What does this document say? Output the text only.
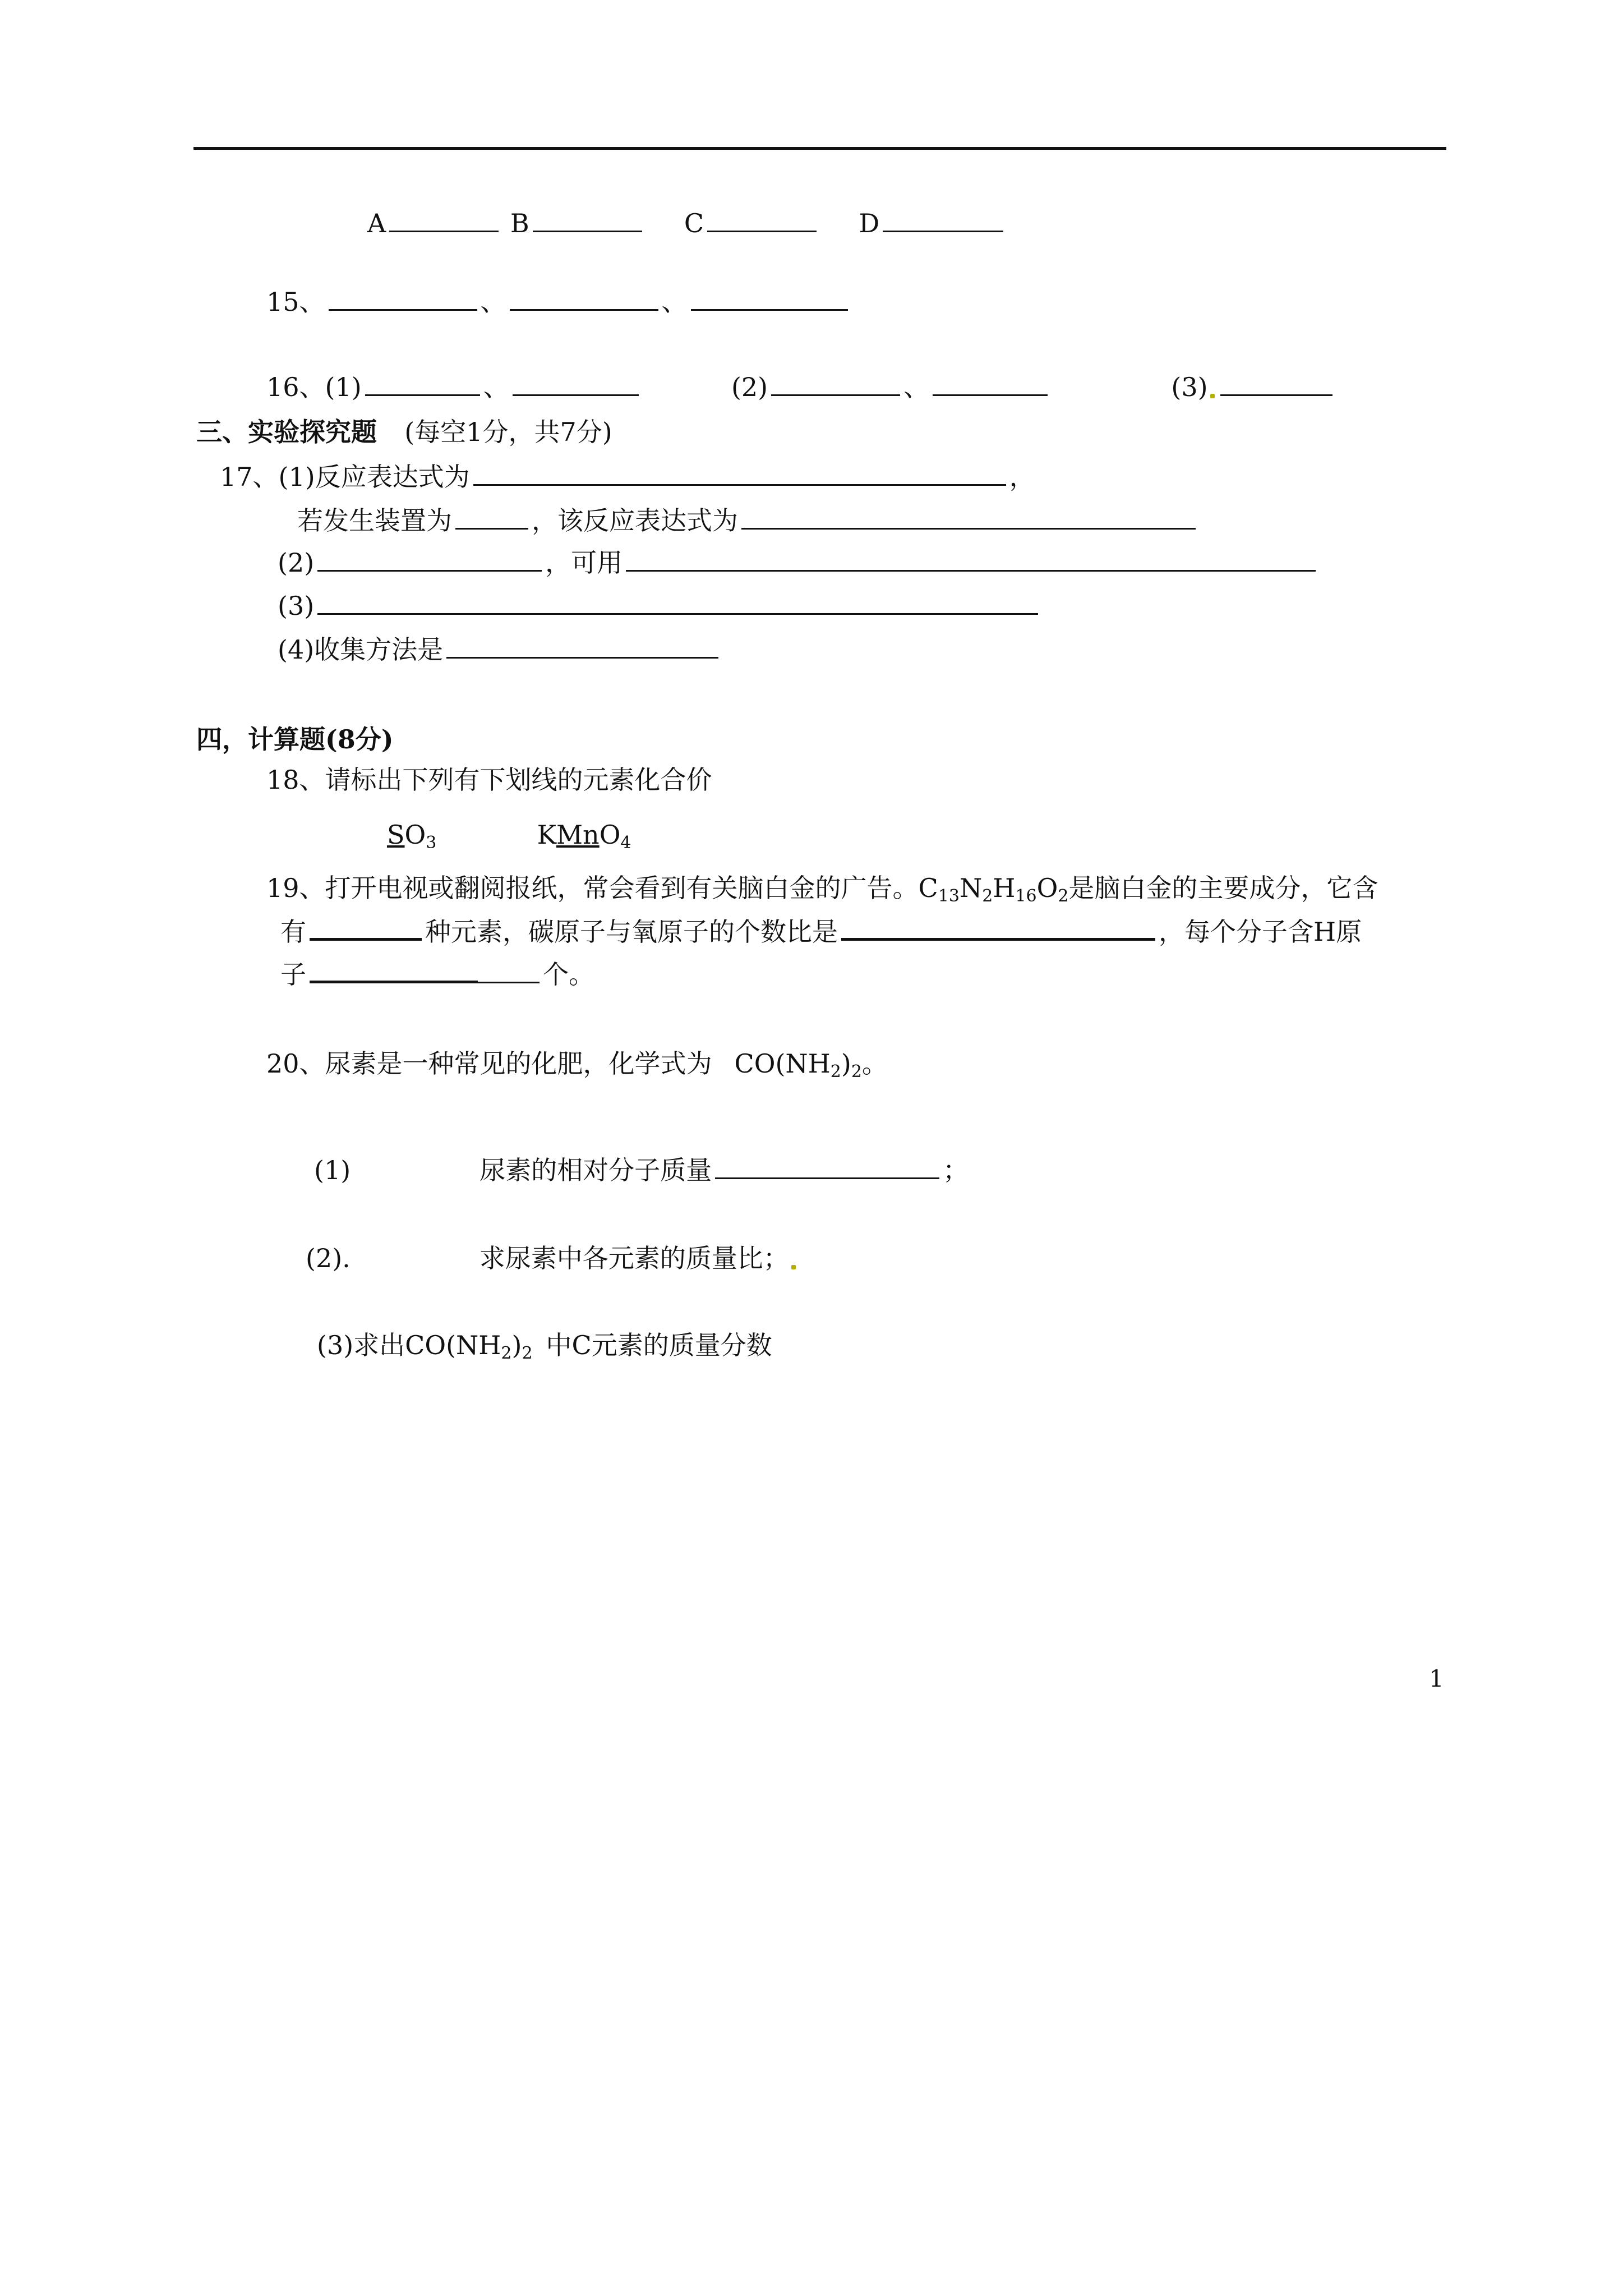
A	B	C	D
15、	、	、
16、(1)	、	(2)	、	(3)
三、实验探究题 (每空1分，共7分)
17、(1)反应表达式为	，
若发生装置为	，该反应表达式为
(2)	，可用
(3)
(4)收集方法是
四，计算题(8分)
18、请标出下列有下划线的元素化合价
$SO_3$	KMnO$_4$
19、打开电视或翻阅报纸，常会看到有关脑白金的广告。$C_{13}N_2H_{16}O_2$是脑白金的主要成分，它含
有	种元素，碳原子与氧原子的个数比是	，每个分子含H原
子	个。
20、尿素是一种常见的化肥，化学式为 $CO(NH_2)_2$。
(1)	尿素的相对分子质量	；
(2).	求尿素中各元素的质量比；
(3)求出$CO(NH_2)_2$ 中C元素的质量分数
1
